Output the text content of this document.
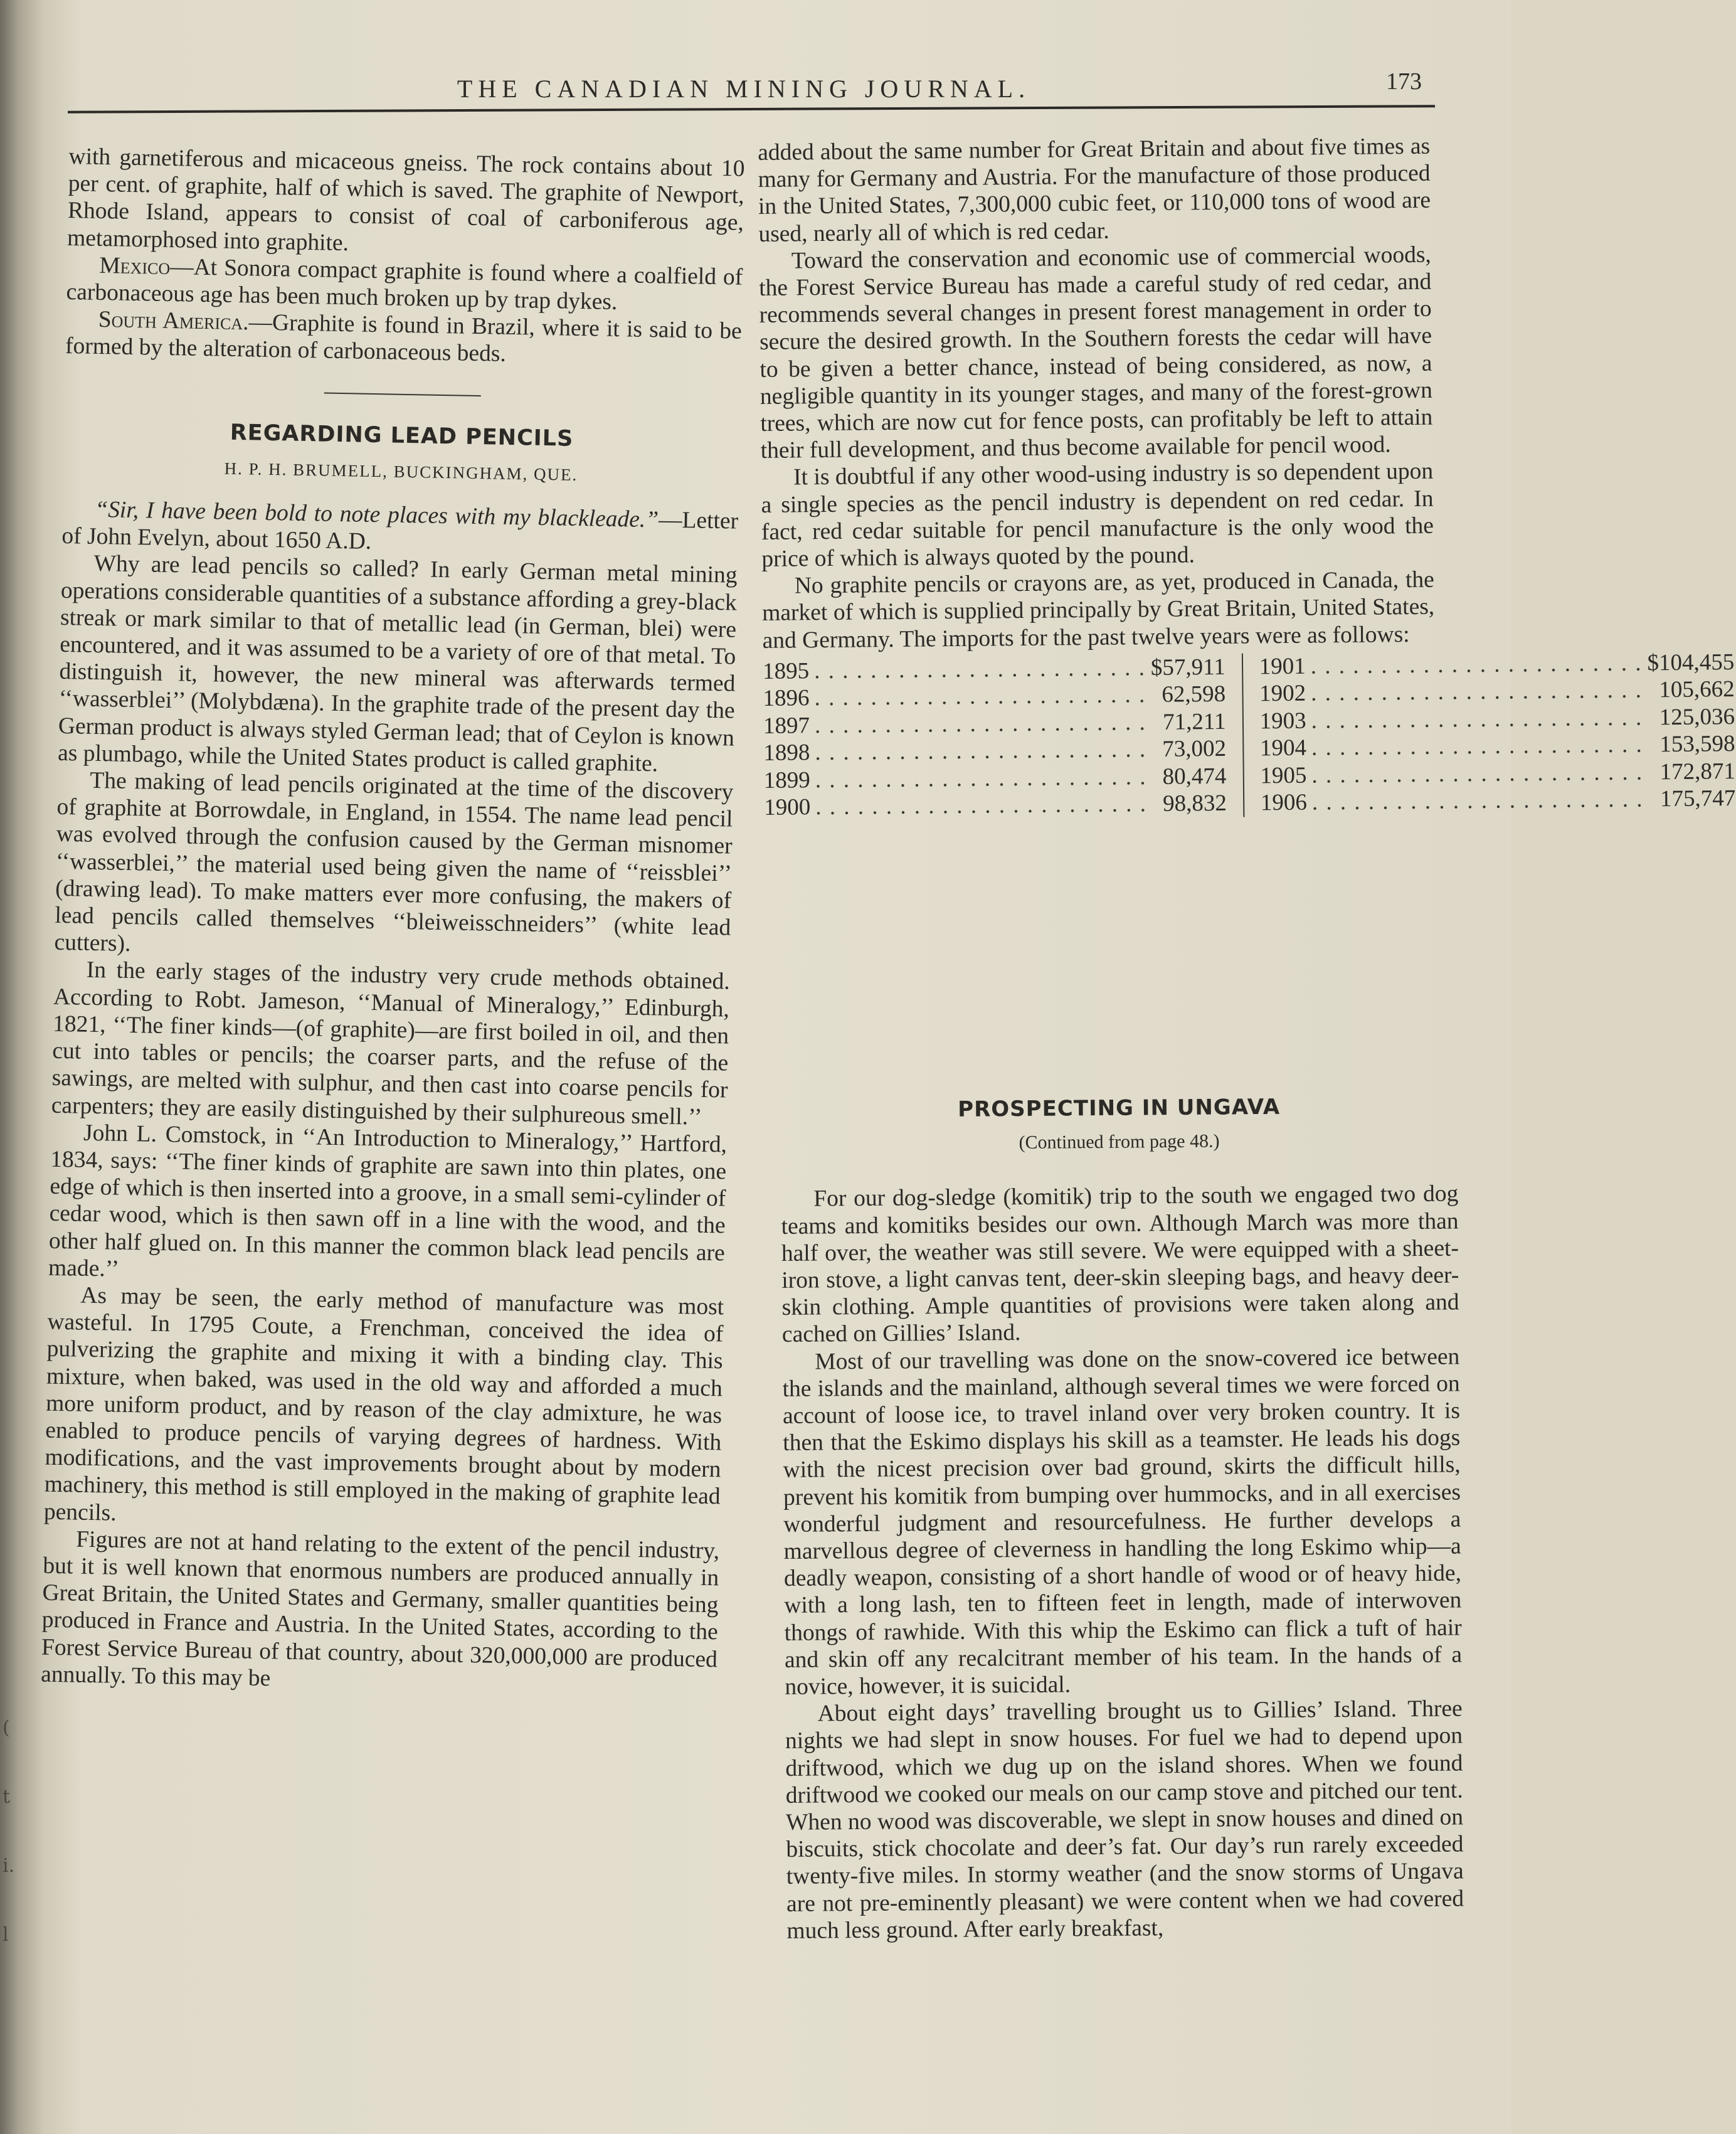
(
t
i.
l
THE CANADIAN MINING JOURNAL.	173

with garnetiferous and micaceous gneiss. The rock contains about 10 per cent. of graphite, half of which is saved. The graphite of Newport, Rhode Island, appears to consist of coal of carboniferous age, metamorphosed into graphite.

Mexico—At Sonora compact graphite is found where a coalfield of carbonaceous age has been much broken up by trap dykes.

South America.—Graphite is found in Brazil, where it is said to be formed by the alteration of carbonaceous beds.

REGARDING LEAD PENCILS
H. P. H. BRUMELL, BUCKINGHAM, QUE.

“Sir, I have been bold to note places with my blackleade.”—Letter of John Evelyn, about 1650 A.D.

Why are lead pencils so called? In early German metal mining operations considerable quantities of a substance affording a grey-black streak or mark similar to that of metallic lead (in German, blei) were encountered, and it was assumed to be a variety of ore of that metal. To distinguish it, however, the new mineral was afterwards termed ‘‘wasserblei’’ (Molybdæna). In the graphite trade of the present day the German product is always styled German lead; that of Ceylon is known as plumbago, while the United States product is called graphite.

The making of lead pencils originated at the time of the discovery of graphite at Borrowdale, in England, in 1554. The name lead pencil was evolved through the confusion caused by the German misnomer ‘‘wasserblei,’’ the material used being given the name of ‘‘reissblei’’ (drawing lead). To make matters ever more confusing, the makers of lead pencils called themselves ‘‘bleiweisschneiders’’ (white lead cutters).

In the early stages of the industry very crude methods obtained. According to Robt. Jameson, ‘‘Manual of Mineralogy,’’ Edinburgh, 1821, ‘‘The finer kinds—(of graphite)—are first boiled in oil, and then cut into tables or pencils; the coarser parts, and the refuse of the sawings, are melted with sulphur, and then cast into coarse pencils for carpenters; they are easily distinguished by their sulphureous smell.’’

John L. Comstock, in ‘‘An Introduction to Mineralogy,’’ Hartford, 1834, says: ‘‘The finer kinds of graphite are sawn into thin plates, one edge of which is then inserted into a groove, in a small semi-cylinder of cedar wood, which is then sawn off in a line with the wood, and the other half glued on. In this manner the common black lead pencils are made.’’

As may be seen, the early method of manufacture was most wasteful. In 1795 Coute, a Frenchman, conceived the idea of pulverizing the graphite and mixing it with a binding clay. This mixture, when baked, was used in the old way and afforded a much more uniform product, and by reason of the clay admixture, he was enabled to produce pencils of varying degrees of hardness. With modifications, and the vast improvements brought about by modern machinery, this method is still employed in the making of graphite lead pencils.

Figures are not at hand relating to the extent of the pencil industry, but it is well known that enormous numbers are produced annually in Great Britain, the United States and Germany, smaller quantities being produced in France and Austria. In the United States, according to the Forest Service Bureau of that country, about 320,000,000 are produced annually. To this may be

added about the same number for Great Britain and about five times as many for Germany and Austria. For the manufacture of those produced in the United States, 7,300,000 cubic feet, or 110,000 tons of wood are used, nearly all of which is red cedar.

Toward the conservation and economic use of commercial woods, the Forest Service Bureau has made a careful study of red cedar, and recommends several changes in present forest management in order to secure the desired growth. In the Southern forests the cedar will have to be given a better chance, instead of being considered, as now, a negligible quantity in its younger stages, and many of the forest-grown trees, which are now cut for fence posts, can profitably be left to attain their full development, and thus become available for pencil wood.

It is doubtful if any other wood-using industry is so dependent upon a single species as the pencil industry is dependent on red cedar. In fact, red cedar suitable for pencil manufacture is the only wood the price of which is always quoted by the pound.

No graphite pencils or crayons are, as yet, produced in Canada, the market of which is supplied principally by Great Britain, United States, and Germany. The imports for the past twelve years were as follows:

1895 . . .	$57,911
1896 . . .	62,598
1897 . . .	71,211
1898 . . .	73,002
1899 . . .	80,474
1900 . . .	98,832
1901 . . .	$104,455
1902 . . .	105,662
1903 . . .	125,036
1904 . . .	153,598
1905 . . .	172,871
1906 . . .	175,747
PROSPECTING IN UNGAVA
(Continued from page 48.)

For our dog-sledge (komitik) trip to the south we engaged two dog teams and komitiks besides our own. Although March was more than half over, the weather was still severe. We were equipped with a sheet-iron stove, a light canvas tent, deer-skin sleeping bags, and heavy deer-skin clothing. Ample quantities of provisions were taken along and cached on Gillies’ Island.

Most of our travelling was done on the snow-covered ice between the islands and the mainland, although several times we were forced on account of loose ice, to travel inland over very broken country. It is then that the Eskimo displays his skill as a teamster. He leads his dogs with the nicest precision over bad ground, skirts the difficult hills, prevent his komitik from bumping over hummocks, and in all exercises wonderful judgment and resourcefulness. He further develops a marvellous degree of cleverness in handling the long Eskimo whip—a deadly weapon, consisting of a short handle of wood or of heavy hide, with a long lash, ten to fifteen feet in length, made of interwoven thongs of rawhide. With this whip the Eskimo can flick a tuft of hair and skin off any recalcitrant member of his team. In the hands of a novice, however, it is suicidal.

About eight days’ travelling brought us to Gillies’ Island. Three nights we had slept in snow houses. For fuel we had to depend upon driftwood, which we dug up on the island shores. When we found driftwood we cooked our meals on our camp stove and pitched our tent. When no wood was discoverable, we slept in snow houses and dined on biscuits, stick chocolate and deer’s fat. Our day’s run rarely exceeded twenty-five miles. In stormy weather (and the snow storms of Ungava are not pre-eminently pleasant) we were content when we had covered much less ground. After early breakfast,
